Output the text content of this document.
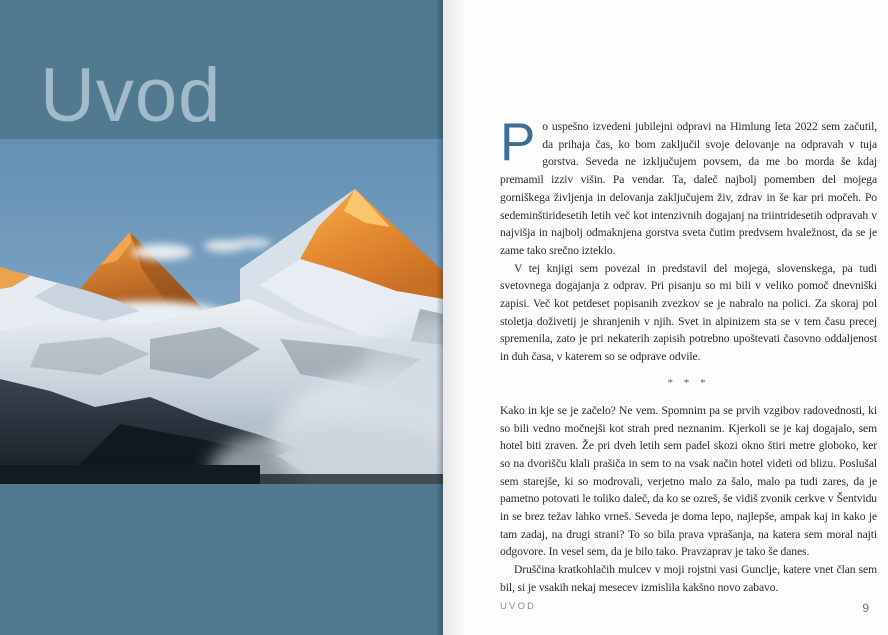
Uvod

Po uspešno izvedeni jubilejni odpravi na Himlung leta 2022 sem začutil, da prihaja čas, ko bom zaključil svoje delovanje na odpravah v tuja gorstva. Seveda ne izključujem povsem, da me bo morda še kdaj premamil izziv višin. Pa vendar. Ta, daleč najbolj pomemben del mojega gorniškega življenja in delovanja zaključujem živ, zdrav in še kar pri močeh. Po sedeminštiridesetih letih več kot intenzivnih dogajanj na triintridesetih odpravah v najvišja in najbolj odmaknjena gorstva sveta čutim predvsem hvaležnost, da se je zame tako srečno izteklo.

V tej knjigi sem povezal in predstavil del mojega, slovenskega, pa tudi svetovnega dogajanja z odprav. Pri pisanju so mi bili v veliko pomoč dnevniški zapisi. Več kot petdeset popisanih zvezkov se je nabralo na polici. Za skoraj pol stoletja doživetij je shranjenih v njih. Svet in alpinizem sta se v tem času precej spremenila, zato je pri nekaterih zapisih potrebno upoštevati časovno oddaljenost in duh časa, v katerem so se odprave odvile.

* * *

Kako in kje se je začelo? Ne vem. Spomnim pa se prvih vzgibov radovednosti, ki so bili vedno močnejši kot strah pred neznanim. Kjerkoli se je kaj dogajalo, sem hotel biti zraven. Že pri dveh letih sem padel skozi okno štiri metre globoko, ker so na dvorišču klali prašiča in sem to na vsak način hotel videti od blizu. Poslušal sem starejše, ki so modrovali, verjetno malo za šalo, malo pa tudi zares, da je pametno potovati le toliko daleč, da ko se ozreš, še vidiš zvonik cerkve v Šentvidu in se brez težav lahko vrneš. Seveda je doma lepo, najlepše, ampak kaj in kako je tam zadaj, na drugi strani? To so bila prava vprašanja, na katera sem moral najti odgovore. In vesel sem, da je bilo tako. Pravzaprav je tako še danes.

Druščina kratkohlačih mulcev v moji rojstni vasi Gunclje, katere vnet član sem bil, si je vsakih nekaj mesecev izmislila kakšno novo zabavo.

UVOD	9
